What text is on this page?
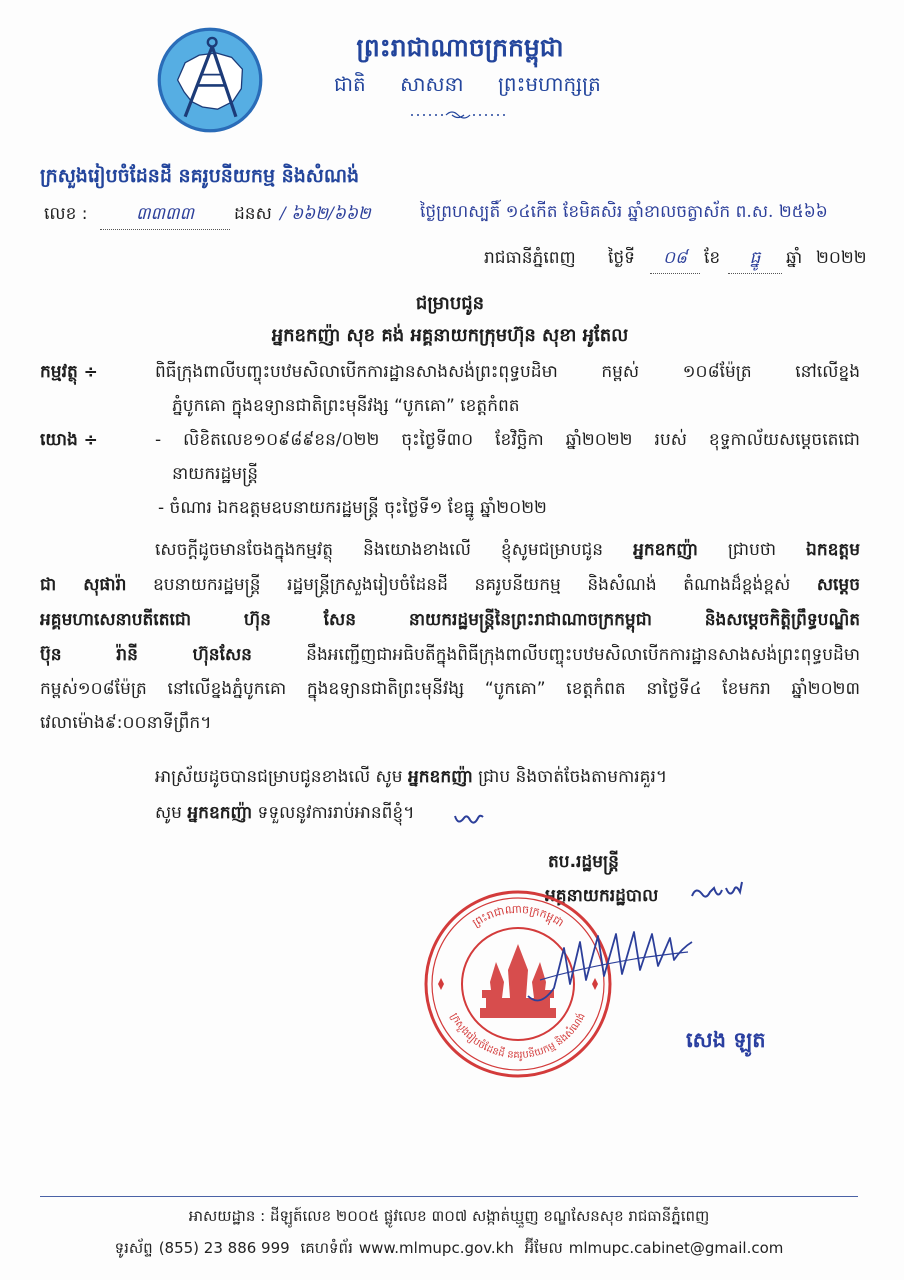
ព្រះរាជាណាចក្រកម្ពុជា
ជាតិ សាសនា ព្រះមហាក្សត្រ
ក្រសួងរៀបចំដែនដី នគរូបនីយកម្ម និងសំណង់
លេខ :	៣៣៣៣	ដនស / ៦៦២/៦៦២	ថ្ងៃព្រហស្បតិ៍ ១៤កើត ខែមិគសិរ ឆ្នាំខាលចត្វាស័ក ព.ស. ២៥៦៦
រាជធានីភ្នំពេញ	ថ្ងៃទី	០៨ ខែ	ធ្នូ	ឆ្នាំ ២០២២
ជម្រាបជូន
អ្នកឧកញ៉ា សុខ គង់ អគ្គនាយកក្រុមហ៊ុន សុខា អូតែល
កម្មវត្ថុ ÷	ពិធីក្រុងពាលីបញ្ចុះបឋមសិលាបើកការដ្ឋានសាងសង់ព្រះពុទ្ធបដិមា កម្ពស់ ១០៨ម៉ែត្រ នៅលើខ្នង
ភ្នំបូកគោ ក្នុងឧទ្យានជាតិព្រះមុនីវង្ស “បូកគោ” ខេត្តកំពត
យោង ÷	- លិខិតលេខ១០៩៨៩ខន/០២២ ចុះថ្ងៃទី៣០ ខែវិច្ឆិកា ឆ្នាំ២០២២ របស់ ខុទ្ទកាល័យសម្ដេចតេជោ
នាយករដ្ឋមន្ត្រី
- ចំណារ ឯកឧត្ដមឧបនាយករដ្ឋមន្ត្រី ចុះថ្ងៃទី១ ខែធ្នូ ឆ្នាំ២០២២
សេចក្ដីដូចមានចែងក្នុងកម្មវត្ថុ និងយោងខាងលើ ខ្ញុំសូមជម្រាបជូន អ្នកឧកញ៉ា ជ្រាបថា ឯកឧត្ដម
ជា សុផារ៉ា ឧបនាយករដ្ឋមន្ត្រី រដ្ឋមន្ត្រីក្រសួងរៀបចំដែនដី នគរូបនីយកម្ម និងសំណង់ តំណាងដ៏ខ្ពង់ខ្ពស់ សម្ដេច
អគ្គមហាសេនាបតីតេជោ ហ៊ុន សែន នាយករដ្ឋមន្ត្រីនៃព្រះរាជាណាចក្រកម្ពុជា និងសម្ដេចកិត្តិព្រឹទ្ធបណ្ឌិត
ប៊ុន រ៉ានី ហ៊ុនសែន នឹងអញ្ជើញជាអធិបតីក្នុងពិធីក្រុងពាលីបញ្ចុះបឋមសិលាបើកការដ្ឋានសាងសង់ព្រះពុទ្ធបដិមា
កម្ពស់១០៨ម៉ែត្រ នៅលើខ្នងភ្នំបូកគោ ក្នុងឧទ្យានជាតិព្រះមុនីវង្ស “បូកគោ” ខេត្តកំពត នាថ្ងៃទី៤ ខែមករា ឆ្នាំ២០២៣
វេលាម៉ោង៩:០០នាទីព្រឹក។
អាស្រ័យដូចបានជម្រាបជូនខាងលើ សូម អ្នកឧកញ៉ា ជ្រាប និងចាត់ចែងតាមការគួរ។
សូម អ្នកឧកញ៉ា ទទួលនូវការរាប់អានពីខ្ញុំ។
តប.រដ្ឋមន្ត្រី
អគ្គនាយករដ្ឋបាល
ព្រះរាជាណាចក្រកម្ពុជា
ក្រសួងរៀបចំដែនដី នគរូបនីយកម្ម និងសំណង់
សេង ឡូត
អាសយដ្ឋាន : ដីឡូត៍លេខ ២០០៥ ផ្លូវលេខ ៣០៧ សង្កាត់ឃ្មួញ ខណ្ឌសែនសុខ រាជធានីភ្នំពេញ
ទូរស័ព្ទ (855) 23 886 999 គេហទំព័រ www.mlmupc.gov.kh អ៊ីមែល mlmupc.cabinet@gmail.com
